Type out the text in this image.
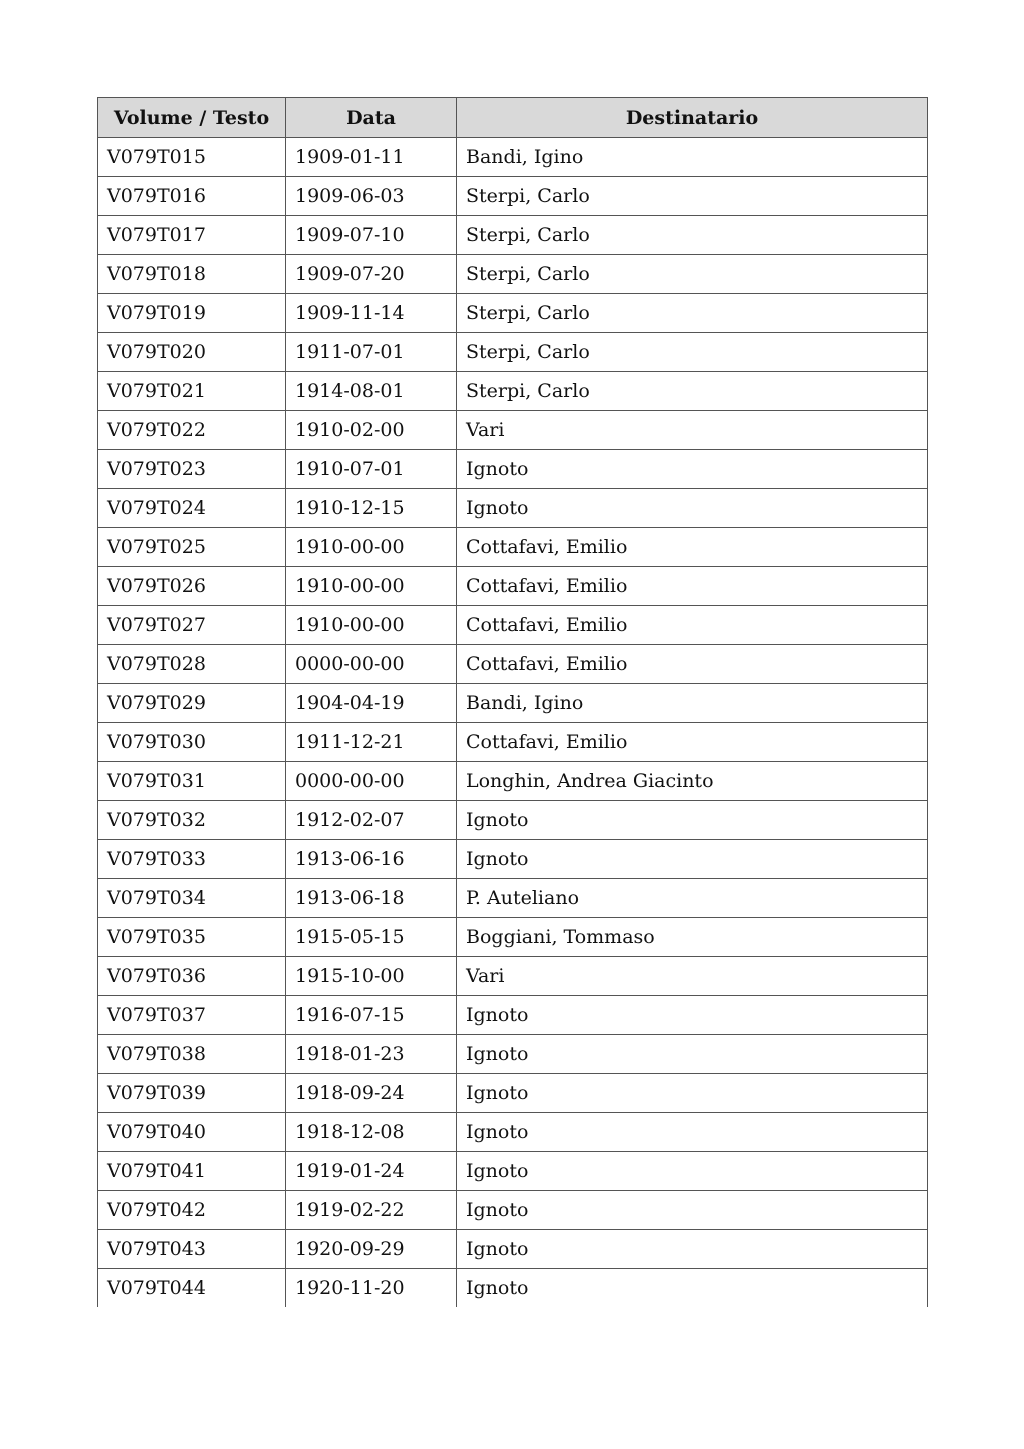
Volume / Testo	Data	Destinatario
V079T015	1909-01-11	Bandi, Igino
V079T016	1909-06-03	Sterpi, Carlo
V079T017	1909-07-10	Sterpi, Carlo
V079T018	1909-07-20	Sterpi, Carlo
V079T019	1909-11-14	Sterpi, Carlo
V079T020	1911-07-01	Sterpi, Carlo
V079T021	1914-08-01	Sterpi, Carlo
V079T022	1910-02-00	Vari
V079T023	1910-07-01	Ignoto
V079T024	1910-12-15	Ignoto
V079T025	1910-00-00	Cottafavi, Emilio
V079T026	1910-00-00	Cottafavi, Emilio
V079T027	1910-00-00	Cottafavi, Emilio
V079T028	0000-00-00	Cottafavi, Emilio
V079T029	1904-04-19	Bandi, Igino
V079T030	1911-12-21	Cottafavi, Emilio
V079T031	0000-00-00	Longhin, Andrea Giacinto
V079T032	1912-02-07	Ignoto
V079T033	1913-06-16	Ignoto
V079T034	1913-06-18	P. Auteliano
V079T035	1915-05-15	Boggiani, Tommaso
V079T036	1915-10-00	Vari
V079T037	1916-07-15	Ignoto
V079T038	1918-01-23	Ignoto
V079T039	1918-09-24	Ignoto
V079T040	1918-12-08	Ignoto
V079T041	1919-01-24	Ignoto
V079T042	1919-02-22	Ignoto
V079T043	1920-09-29	Ignoto
V079T044	1920-11-20	Ignoto
